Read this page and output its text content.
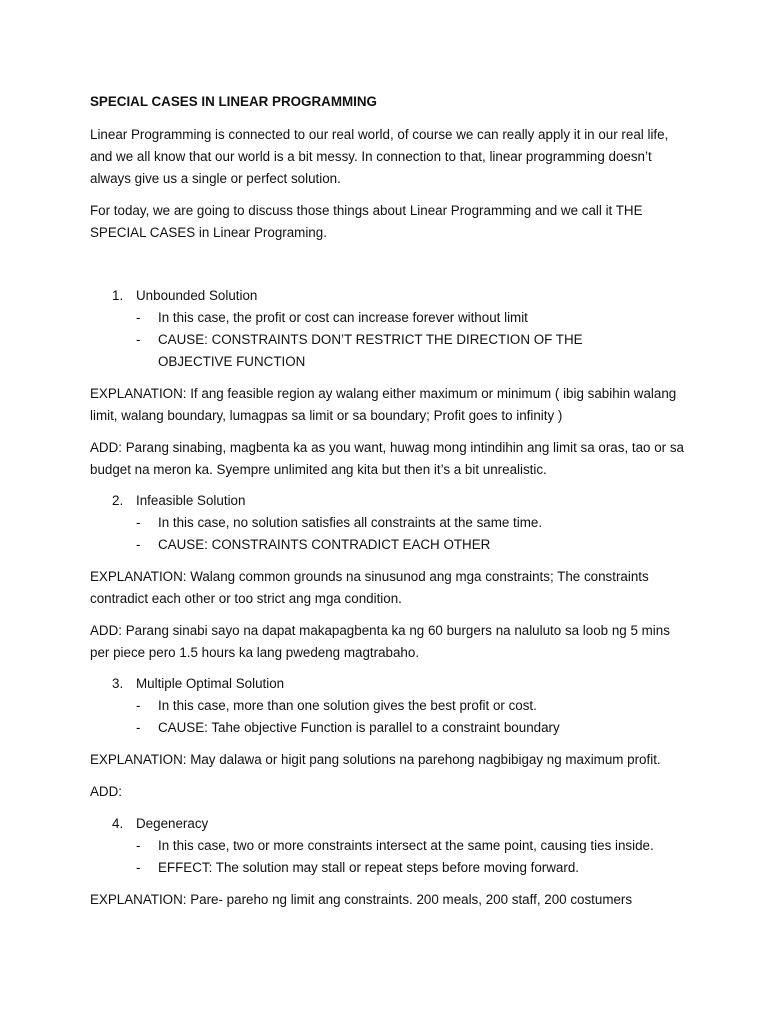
SPECIAL CASES IN LINEAR PROGRAMMING
Linear Programming is connected to our real world, of course we can really apply it in our real life, and we all know that our world is a bit messy. In connection to that, linear programming doesn’t always give us a single or perfect solution.
For today, we are going to discuss those things about Linear Programming and we call it THE SPECIAL CASES in Linear Programing.
1. Unbounded Solution
- In this case, the profit or cost can increase forever without limit
- CAUSE: CONSTRAINTS DON’T RESTRICT THE DIRECTION OF THE OBJECTIVE FUNCTION
EXPLANATION: If ang feasible region ay walang either maximum or minimum ( ibig sabihin walang limit, walang boundary, lumagpas sa limit or sa boundary; Profit goes to infinity )
ADD: Parang sinabing, magbenta ka as you want, huwag mong intindihin ang limit sa oras, tao or sa budget na meron ka. Syempre unlimited ang kita but then it’s a bit unrealistic.
2. Infeasible Solution
- In this case, no solution satisfies all constraints at the same time.
- CAUSE: CONSTRAINTS CONTRADICT EACH OTHER
EXPLANATION: Walang common grounds na sinusunod ang mga constraints; The constraints contradict each other or too strict ang mga condition.
ADD: Parang sinabi sayo na dapat makapagbenta ka ng 60 burgers na naluluto sa loob ng 5 mins per piece pero 1.5 hours ka lang pwedeng magtrabaho.
3. Multiple Optimal Solution
- In this case, more than one solution gives the best profit or cost.
- CAUSE: Tahe objective Function is parallel to a constraint boundary
EXPLANATION: May dalawa or higit pang solutions na parehong nagbibigay ng maximum profit.
ADD:
4. Degeneracy
- In this case, two or more constraints intersect at the same point, causing ties inside.
- EFFECT: The solution may stall or repeat steps before moving forward.
EXPLANATION: Pare- pareho ng limit ang constraints. 200 meals, 200 staff, 200 costumers
